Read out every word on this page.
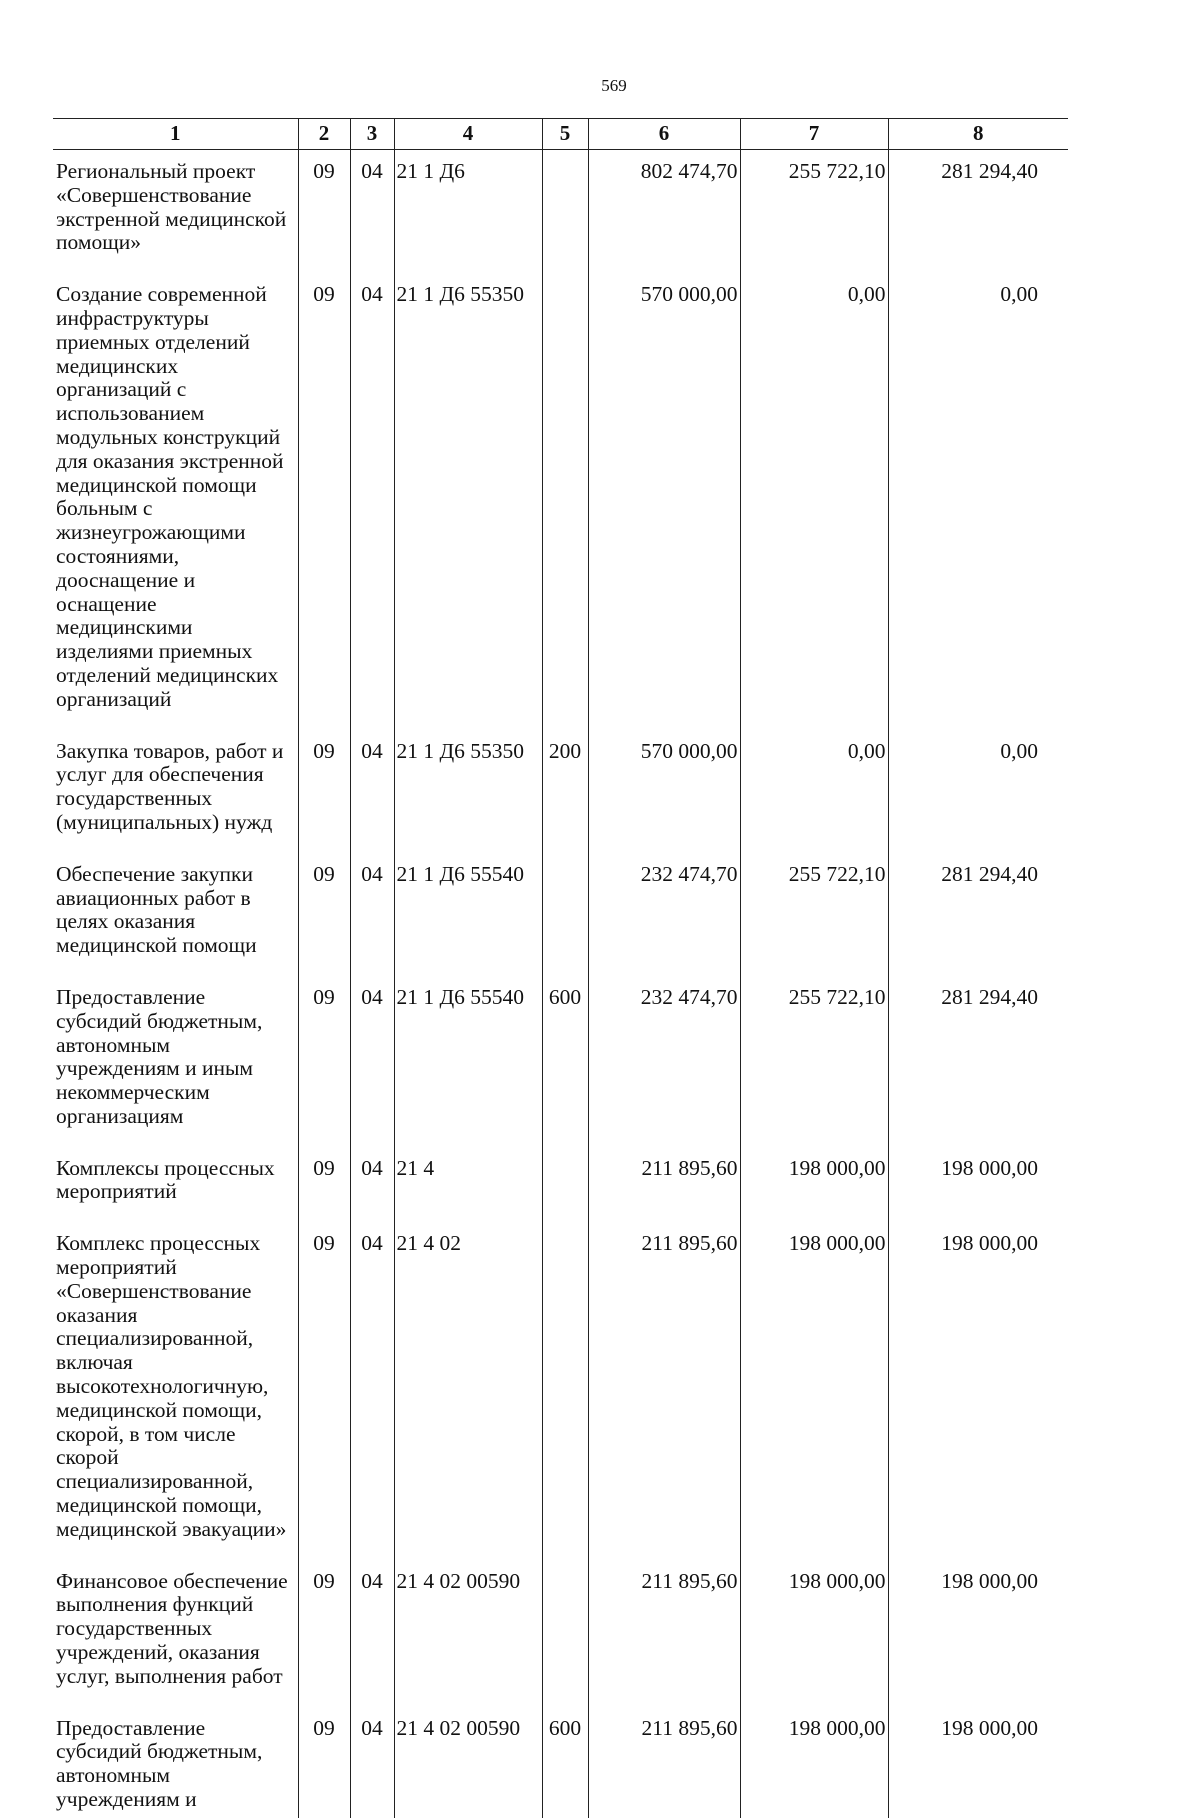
569
1	2	3	4	5	6	7	8
Региональный проект «Совершенствование экстренной медицинской помощи»	09	04	21 1 Д6		802 474,70	255 722,10	281 294,40
Создание современной инфраструктуры приемных отделений медицинских организаций с использованием модульных конструкций для оказания экстренной медицинской помощи больным с жизнеугрожающими состояниями, дооснащение и оснащение медицинскими изделиями приемных отделений медицинских организаций	09	04	21 1 Д6 55350		570 000,00	0,00	0,00
Закупка товаров, работ и услуг для обеспечения государственных (муниципальных) нужд	09	04	21 1 Д6 55350	200	570 000,00	0,00	0,00
Обеспечение закупки авиационных работ в целях оказания медицинской помощи	09	04	21 1 Д6 55540		232 474,70	255 722,10	281 294,40
Предоставление субсидий бюджетным, автономным учреждениям и иным некоммерческим организациям	09	04	21 1 Д6 55540	600	232 474,70	255 722,10	281 294,40
Комплексы процессных мероприятий	09	04	21 4		211 895,60	198 000,00	198 000,00
Комплекс процессных мероприятий «Совершенствование оказания специализированной, включая высокотехнологичную, медицинской помощи, скорой, в том числе скорой специализированной, медицинской помощи, медицинской эвакуации»	09	04	21 4 02		211 895,60	198 000,00	198 000,00
Финансовое обеспечение выполнения функций государственных учреждений, оказания услуг, выполнения работ	09	04	21 4 02 00590		211 895,60	198 000,00	198 000,00
Предоставление субсидий бюджетным, автономным учреждениям и	09	04	21 4 02 00590	600	211 895,60	198 000,00	198 000,00
